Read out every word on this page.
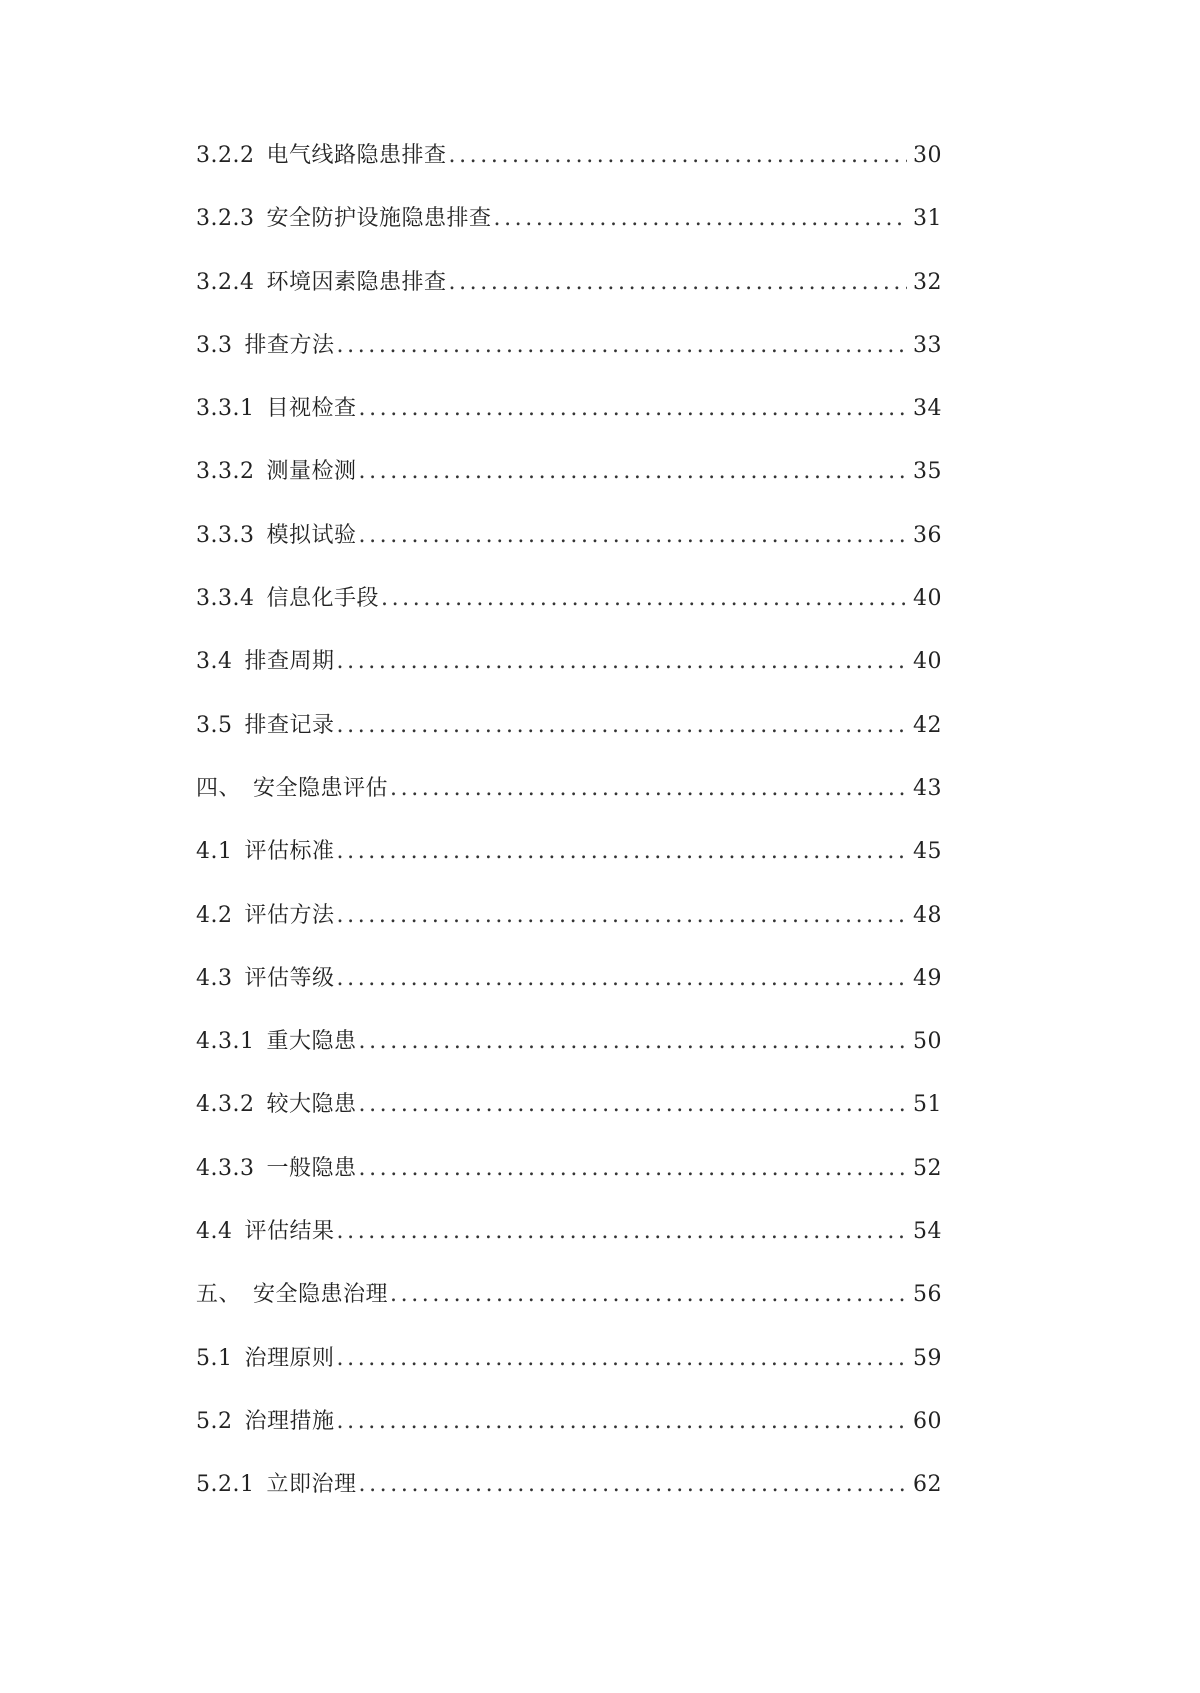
3.2.2 电气线路隐患排查 .....	30
3.2.3 安全防护设施隐患排查 .....	31
3.2.4 环境因素隐患排查 .....	32
3.3 排查方法 .....	33
3.3.1 目视检查 .....	34
3.3.2 测量检测 .....	35
3.3.3 模拟试验 .....	36
3.3.4 信息化手段 .....	40
3.4 排查周期 .....	40
3.5 排查记录 .....	42
四、 安全隐患评估 .....	43
4.1 评估标准 .....	45
4.2 评估方法 .....	48
4.3 评估等级 .....	49
4.3.1 重大隐患 .....	50
4.3.2 较大隐患 .....	51
4.3.3 一般隐患 .....	52
4.4 评估结果 .....	54
五、 安全隐患治理 .....	56
5.1 治理原则 .....	59
5.2 治理措施 .....	60
5.2.1 立即治理 .....	62
